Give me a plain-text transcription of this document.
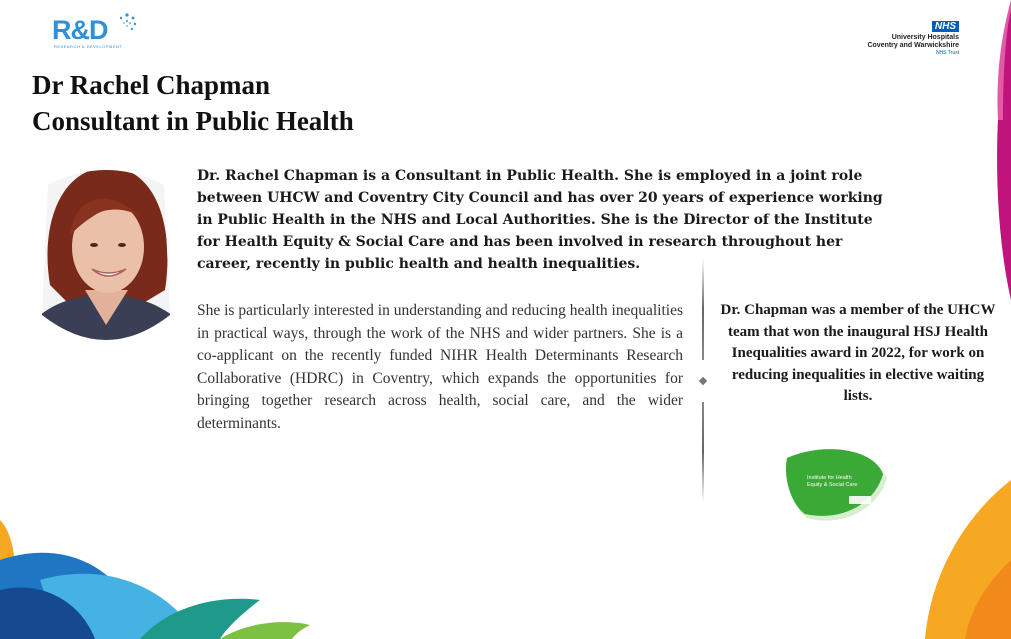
R&D
RESEARCH & DEVELOPMENT
NHS
University Hospitals
Coventry and Warwickshire
NHS Trust
Dr Rachel Chapman
Consultant in Public Health
Dr. Rachel Chapman is a Consultant in Public Health. She is employed in a joint role between UHCW and Coventry City Council and has over 20 years of experience working in Public Health in the NHS and Local Authorities. She is the Director of the Institute for Health Equity & Social Care and has been involved in research throughout her career, recently in public health and health inequalities.
She is particularly interested in understanding and reducing health inequalities in practical ways, through the work of the NHS and wider partners. She is a co-applicant on the recently funded NIHR Health Determinants Research Collaborative (HDRC) in Coventry, which expands the opportunities for bringing together research across health, social care, and the wider determinants.
Dr. Chapman was a member of the UHCW team that won the inaugural HSJ Health Inequalities award in 2022, for work on reducing inequalities in elective waiting lists.
Institute for Health Equity & Social Care
